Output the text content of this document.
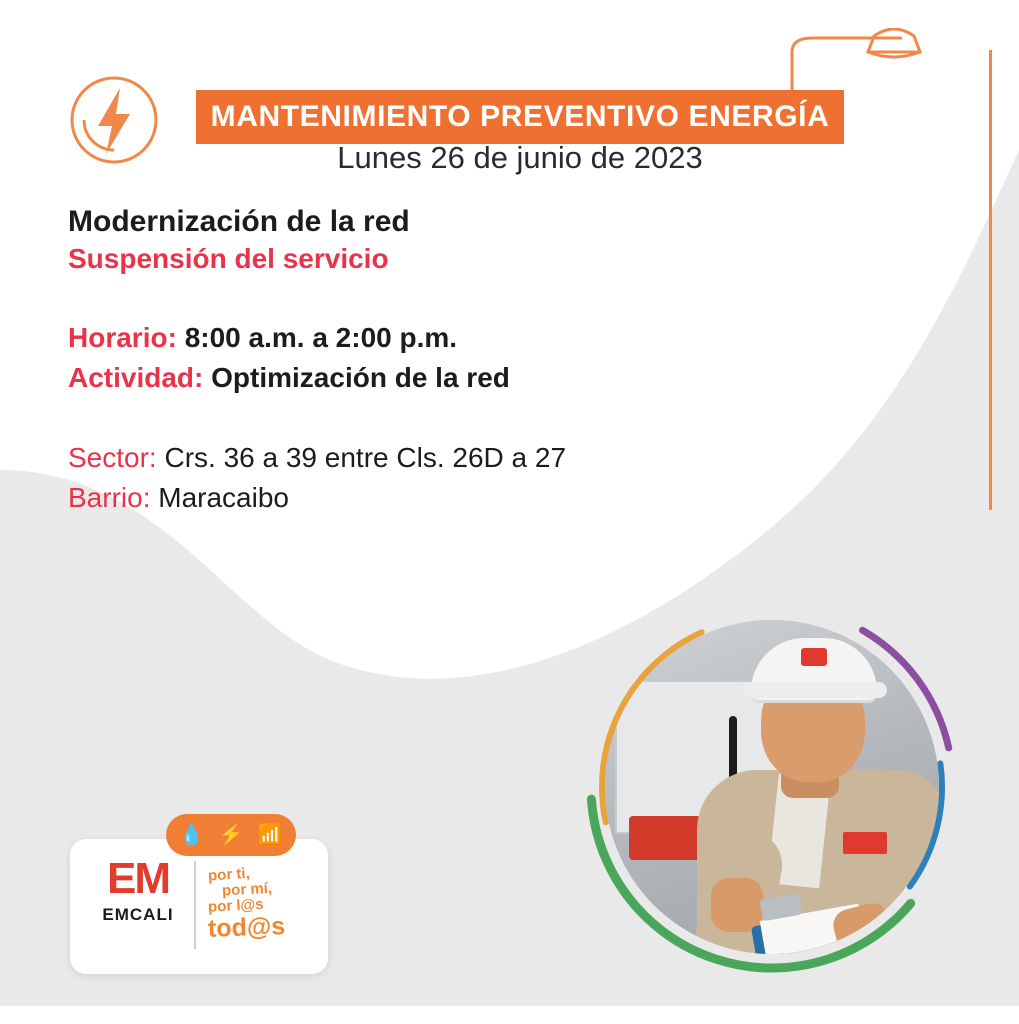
MANTENIMIENTO PREVENTIVO ENERGÍA
Lunes 26 de junio de 2023
Modernización de la red
Suspensión del servicio
Horario: 8:00 a.m. a 2:00 p.m.
Actividad: Optimización de la red
Sector: Crs. 36 a 39 entre Cls. 26D a 27
Barrio: Maracaibo
💧 ⚡ 📶
EM
EMCALI
por ti,
por mí,
por l@s
tod@s
